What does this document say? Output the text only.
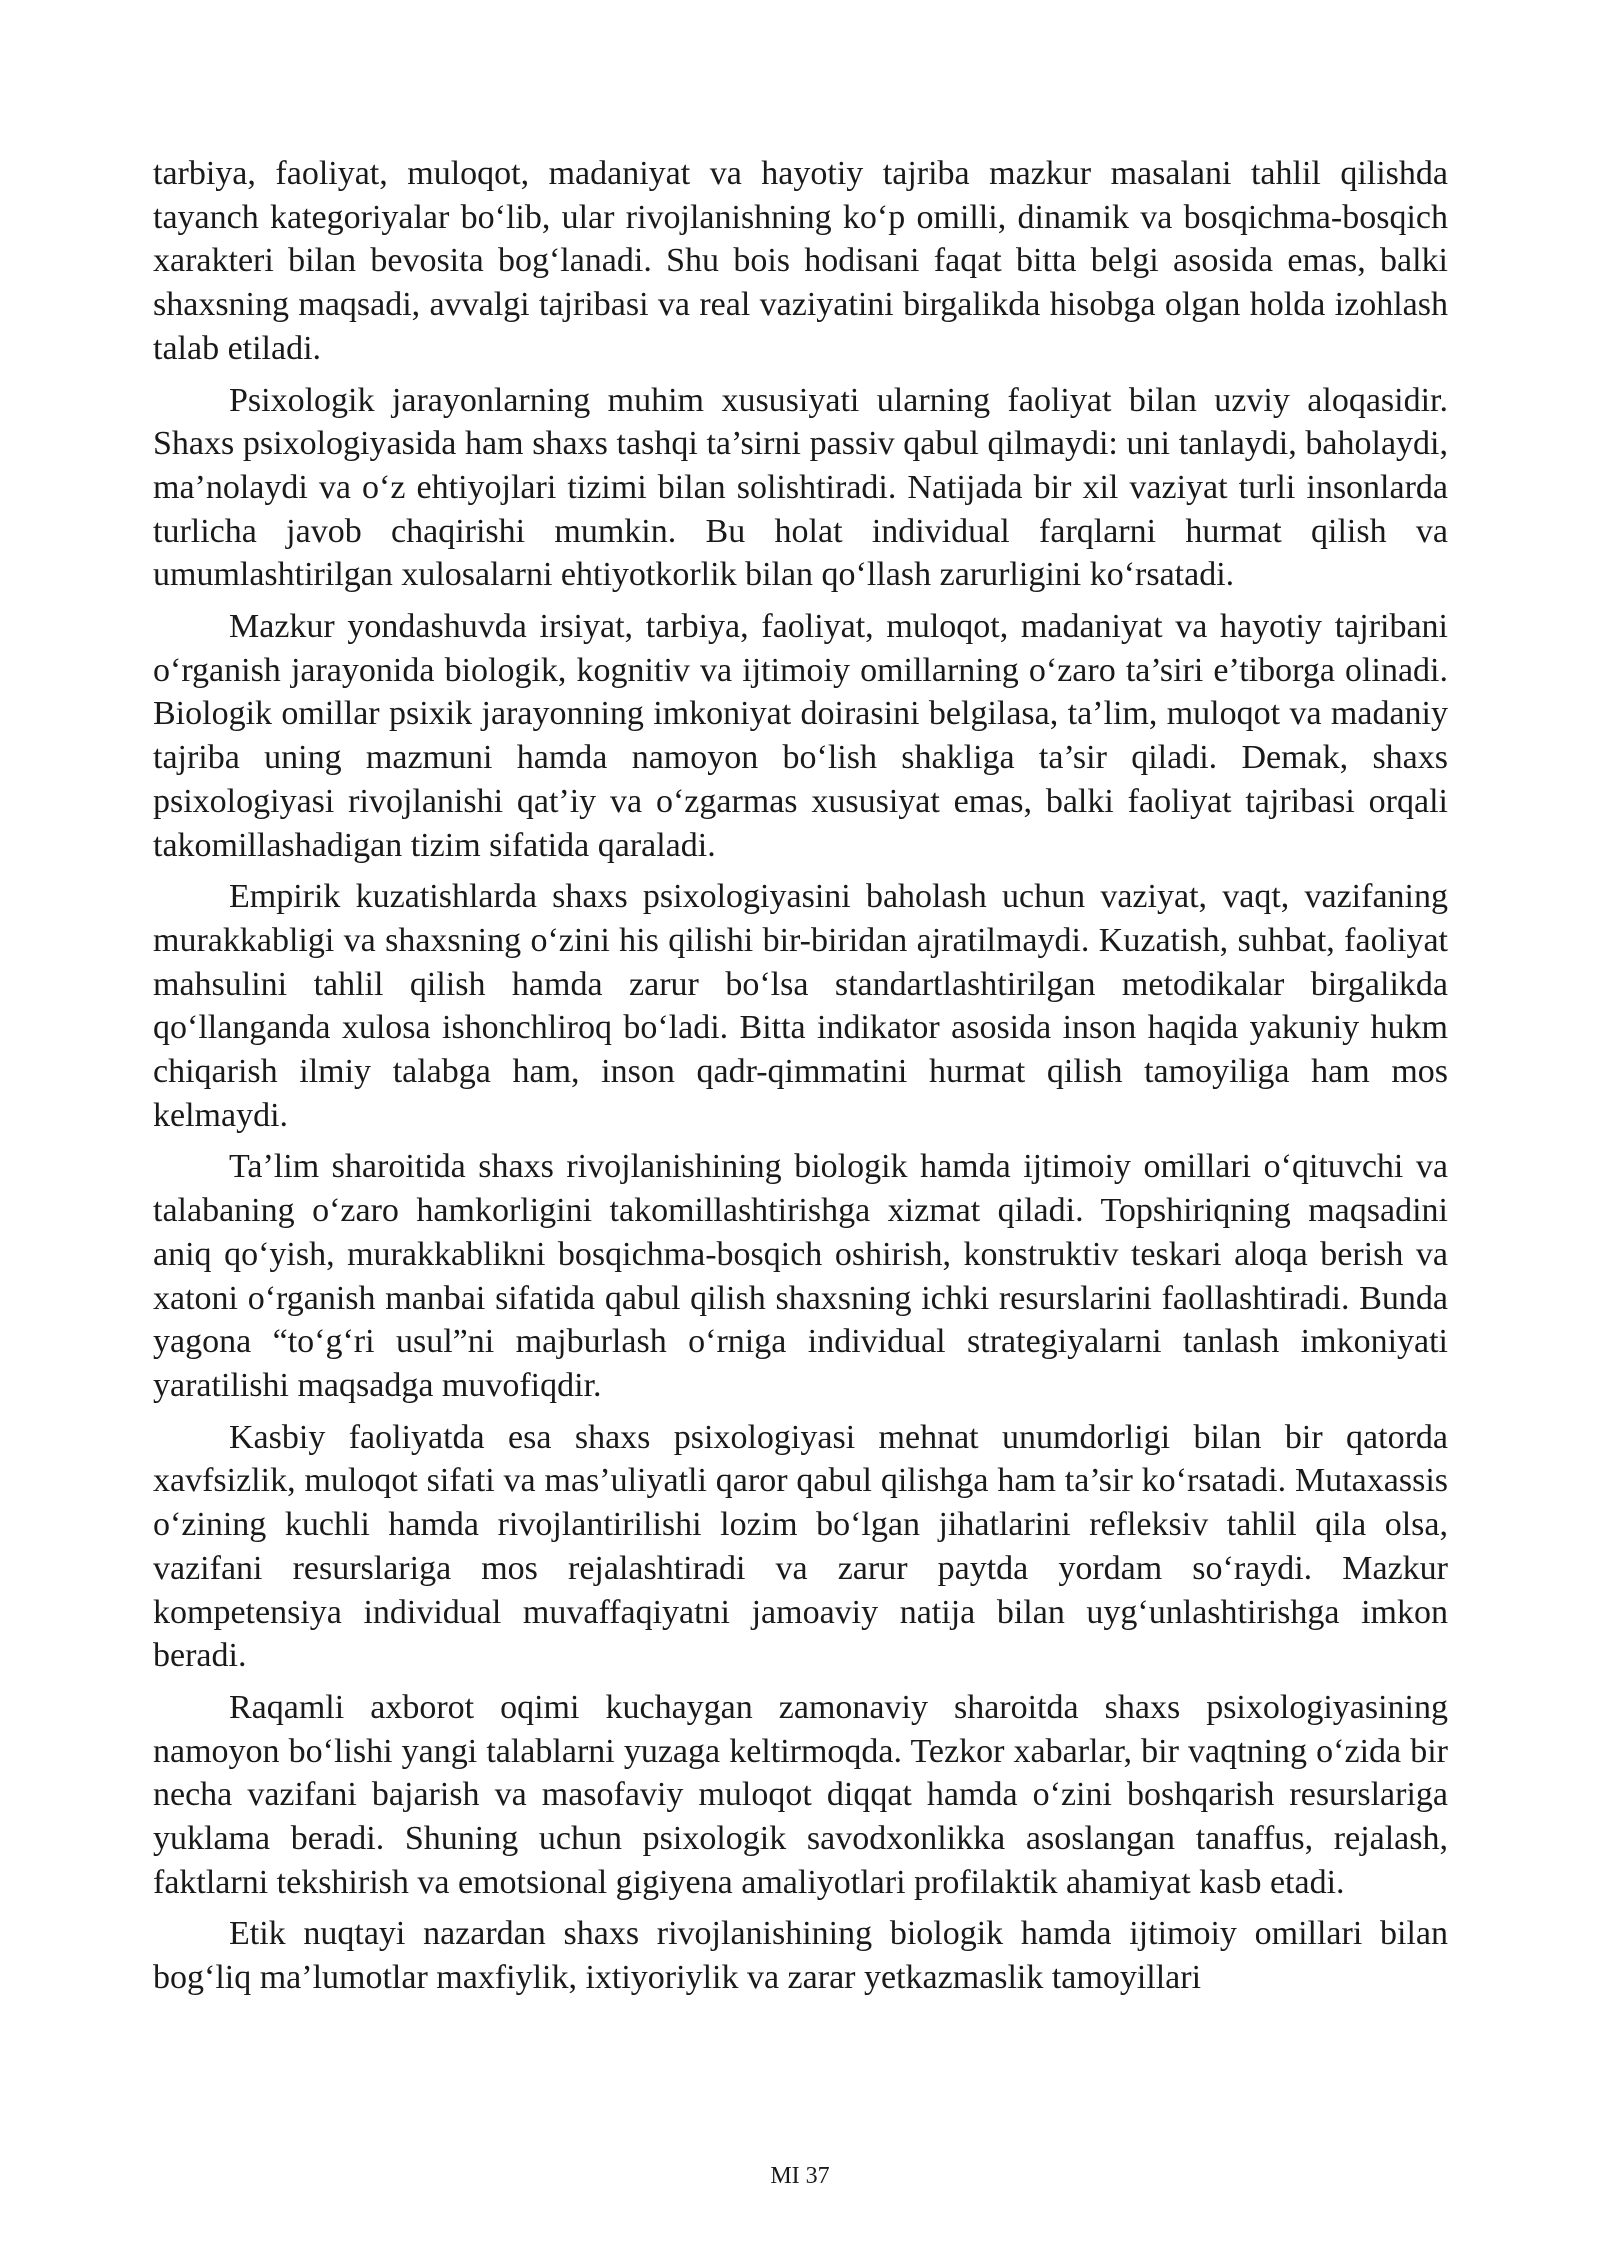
tarbiya, faoliyat, muloqot, madaniyat va hayotiy tajriba mazkur masalani tahlil qilishda tayanch kategoriyalar bo‘lib, ular rivojlanishning ko‘p omilli, dinamik va bosqichma-bosqich xarakteri bilan bevosita bog‘lanadi. Shu bois hodisani faqat bitta belgi asosida emas, balki shaxsning maqsadi, avvalgi tajribasi va real vaziyatini birgalikda hisobga olgan holda izohlash talab etiladi.

Psixologik jarayonlarning muhim xususiyati ularning faoliyat bilan uzviy aloqasidir. Shaxs psixologiyasida ham shaxs tashqi ta’sirni passiv qabul qilmaydi: uni tanlaydi, baholaydi, ma’nolaydi va o‘z ehtiyojlari tizimi bilan solishtiradi. Natijada bir xil vaziyat turli insonlarda turlicha javob chaqirishi mumkin. Bu holat individual farqlarni hurmat qilish va umumlashtirilgan xulosalarni ehtiyotkorlik bilan qo‘llash zarurligini ko‘rsatadi.

Mazkur yondashuvda irsiyat, tarbiya, faoliyat, muloqot, madaniyat va hayotiy tajribani o‘rganish jarayonida biologik, kognitiv va ijtimoiy omillarning o‘zaro ta’siri e’tiborga olinadi. Biologik omillar psixik jarayonning imkoniyat doirasini belgilasa, ta’lim, muloqot va madaniy tajriba uning mazmuni hamda namoyon bo‘lish shakliga ta’sir qiladi. Demak, shaxs psixologiyasi rivojlanishi qat’iy va o‘zgarmas xususiyat emas, balki faoliyat tajribasi orqali takomillashadigan tizim sifatida qaraladi.

Empirik kuzatishlarda shaxs psixologiyasini baholash uchun vaziyat, vaqt, vazifaning murakkabligi va shaxsning o‘zini his qilishi bir-biridan ajratilmaydi. Kuzatish, suhbat, faoliyat mahsulini tahlil qilish hamda zarur bo‘lsa standartlashtirilgan metodikalar birgalikda qo‘llanganda xulosa ishonchliroq bo‘ladi. Bitta indikator asosida inson haqida yakuniy hukm chiqarish ilmiy talabga ham, inson qadr-qimmatini hurmat qilish tamoyiliga ham mos kelmaydi.

Ta’lim sharoitida shaxs rivojlanishining biologik hamda ijtimoiy omillari o‘qituvchi va talabaning o‘zaro hamkorligini takomillashtirishga xizmat qiladi. Topshiriqning maqsadini aniq qo‘yish, murakkablikni bosqichma-bosqich oshirish, konstruktiv teskari aloqa berish va xatoni o‘rganish manbai sifatida qabul qilish shaxsning ichki resurslarini faollashtiradi. Bunda yagona “to‘g‘ri usul”ni majburlash o‘rniga individual strategiyalarni tanlash imkoniyati yaratilishi maqsadga muvofiqdir.

Kasbiy faoliyatda esa shaxs psixologiyasi mehnat unumdorligi bilan bir qatorda xavfsizlik, muloqot sifati va mas’uliyatli qaror qabul qilishga ham ta’sir ko‘rsatadi. Mutaxassis o‘zining kuchli hamda rivojlantirilishi lozim bo‘lgan jihatlarini refleksiv tahlil qila olsa, vazifani resurslariga mos rejalashtiradi va zarur paytda yordam so‘raydi. Mazkur kompetensiya individual muvaffaqiyatni jamoaviy natija bilan uyg‘unlashtirishga imkon beradi.

Raqamli axborot oqimi kuchaygan zamonaviy sharoitda shaxs psixologiyasining namoyon bo‘lishi yangi talablarni yuzaga keltirmoqda. Tezkor xabarlar, bir vaqtning o‘zida bir necha vazifani bajarish va masofaviy muloqot diqqat hamda o‘zini boshqarish resurslariga yuklama beradi. Shuning uchun psixologik savodxonlikka asoslangan tanaffus, rejalash, faktlarni tekshirish va emotsional gigiyena amaliyotlari profilaktik ahamiyat kasb etadi.

Etik nuqtayi nazardan shaxs rivojlanishining biologik hamda ijtimoiy omillari bilan bog‘liq ma’lumotlar maxfiylik, ixtiyoriylik va zarar yetkazmaslik tamoyillari

MI 37
